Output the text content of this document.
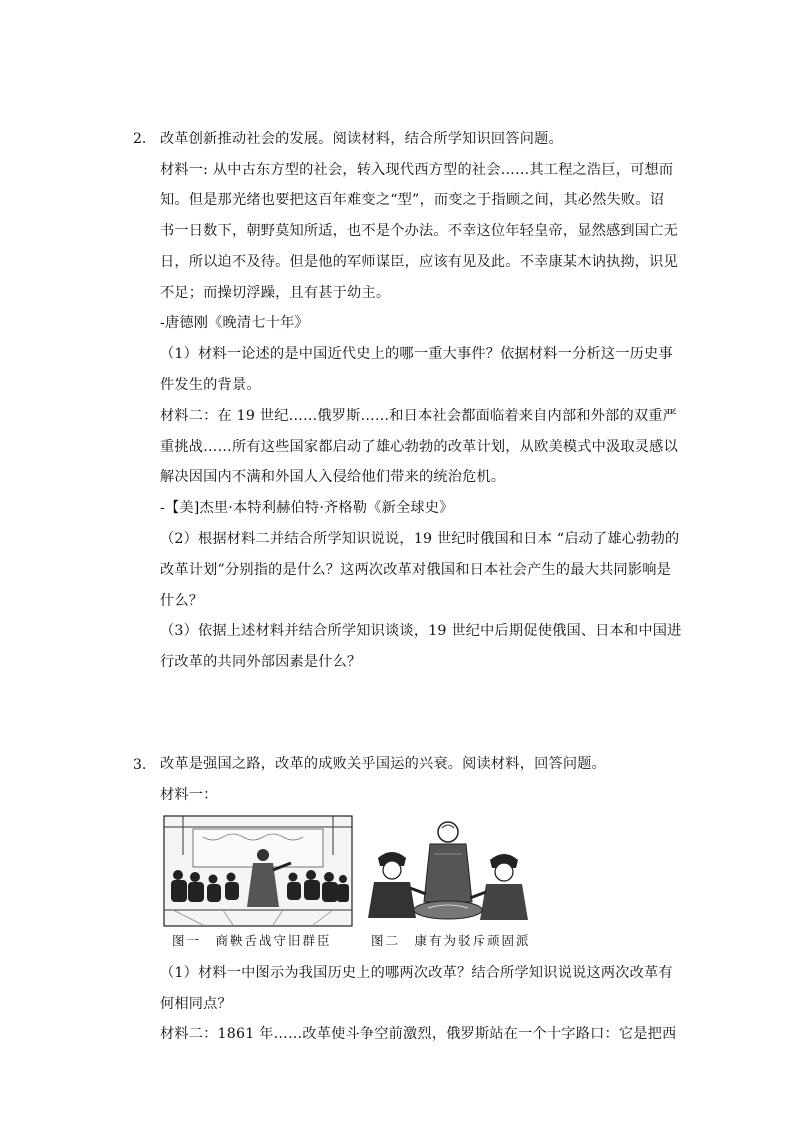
2. 改革创新推动社会的发展。阅读材料，结合所学知识回答问题。
材料一: 从中古东方型的社会，转入现代西方型的社会……其工程之浩巨，可想而
知。但是那光绪也要把这百年难变之“型”，而变之于指顾之间，其必然失败。诏
书一日数下，朝野莫知所适，也不是个办法。不幸这位年轻皇帝，显然感到国亡无
日，所以迫不及待。但是他的军师谋臣，应该有见及此。不幸康某木讷执拗，识见
不足；而操切浮躁，且有甚于幼主。
-唐德刚《晚清七十年》
（1）材料一论述的是中国近代史上的哪一重大事件？依据材料一分析这一历史事
件发生的背景。
材料二：在 19 世纪……俄罗斯……和日本社会都面临着来自内部和外部的双重严
重挑战……所有这些国家都启动了雄心勃勃的改革计划，从欧美模式中汲取灵感以
解决因国内不满和外国人入侵给他们带来的统治危机。
-【美]杰里·本特利赫伯特·齐格勒《新全球史》
（2）根据材料二并结合所学知识说说，19 世纪时俄国和日本 “启动了雄心勃勃的
改革计划”分别指的是什么？这两次改革对俄国和日本社会产生的最大共同影响是
什么？
（3）依据上述材料并结合所学知识谈谈，19 世纪中后期促使俄国、日本和中国进
行改革的共同外部因素是什么？
3. 改革是强国之路，改革的成败关乎国运的兴衰。阅读材料，回答问题。
材料一：
图一　商鞅舌战守旧群臣	图二　康有为驳斥顽固派
（1）材料一中图示为我国历史上的哪两次改革？结合所学知识说说这两次改革有
何相同点？
材料二：1861 年……改革使斗争空前激烈，俄罗斯站在一个十字路口：它是把西
